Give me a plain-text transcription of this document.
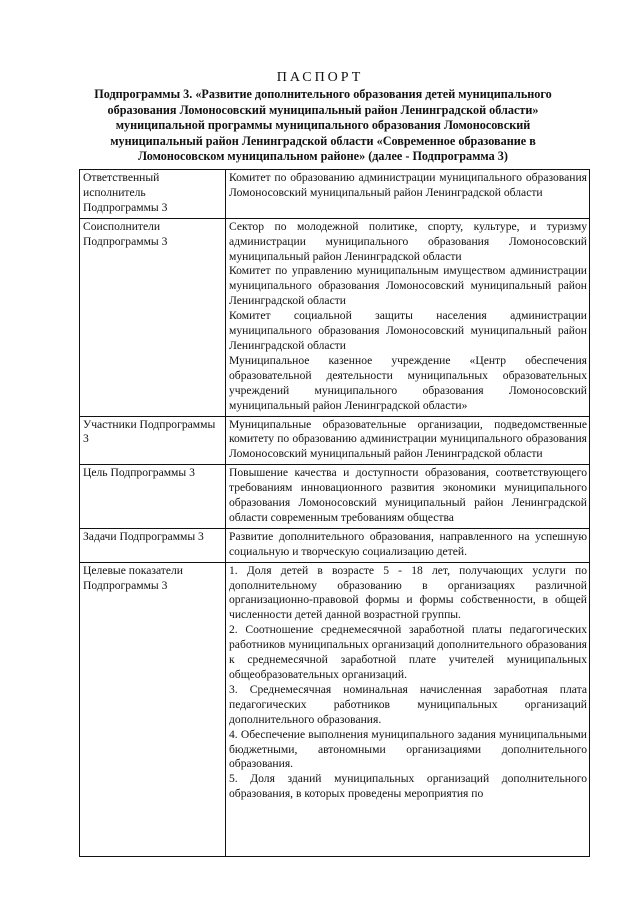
ПАСПОРТ
Подпрограммы 3. «Развитие дополнительного образования детей муниципального образования Ломоносовский муниципальный район Ленинградской области» муниципальной программы муниципального образования Ломоносовский муниципальный район Ленинградской области «Современное образование в Ломоносовском муниципальном районе» (далее - Подпрограмма 3)
Ответственный исполнитель Подпрограммы 3	Комитет по образованию администрации муниципального образования Ломоносовский муниципальный район Ленинградской области

Соисполнители Подпрограммы 3	Сектор по молодежной политике, спорту, культуре, и туризму администрации муниципального образования Ломоносовский муниципальный район Ленинградской области

Комитет по управлению муниципальным имуществом администрации муниципального образования Ломоносовский муниципальный район Ленинградской области

Комитет социальной защиты населения администрации муниципального образования Ломоносовский муниципальный район Ленинградской области

Муниципальное казенное учреждение «Центр обеспечения образовательной деятельности муниципальных образовательных учреждений муниципального образования Ломоносовский муниципальный район Ленинградской области»

Участники Подпрограммы 3	Муниципальные образовательные организации, подведомственные комитету по образованию администрации муниципального образования Ломоносовский муниципальный район Ленинградской области

Цель Подпрограммы 3	Повышение качества и доступности образования, соответствующего требованиям инновационного развития экономики муниципального образования Ломоносовский муниципальный район Ленинградской области современным требованиям общества

Задачи Подпрограммы 3	Развитие дополнительного образования, направленного на успешную социальную и творческую социализацию детей.

Целевые показатели Подпрограммы 3	1. Доля детей в возрасте 5 - 18 лет, получающих услуги по дополнительному образованию в организациях различной организационно-правовой формы и формы собственности, в общей численности детей данной возрастной группы.

2. Соотношение среднемесячной заработной платы педагогических работников муниципальных организаций дополнительного образования к среднемесячной заработной плате учителей муниципальных общеобразовательных организаций.

3. Среднемесячная номинальная начисленная заработная плата педагогических работников муниципальных организаций дополнительного образования.

4. Обеспечение выполнения муниципального задания муниципальными бюджетными, автономными организациями дополнительного образования.

5. Доля зданий муниципальных организаций дополнительного образования, в которых проведены мероприятия по
